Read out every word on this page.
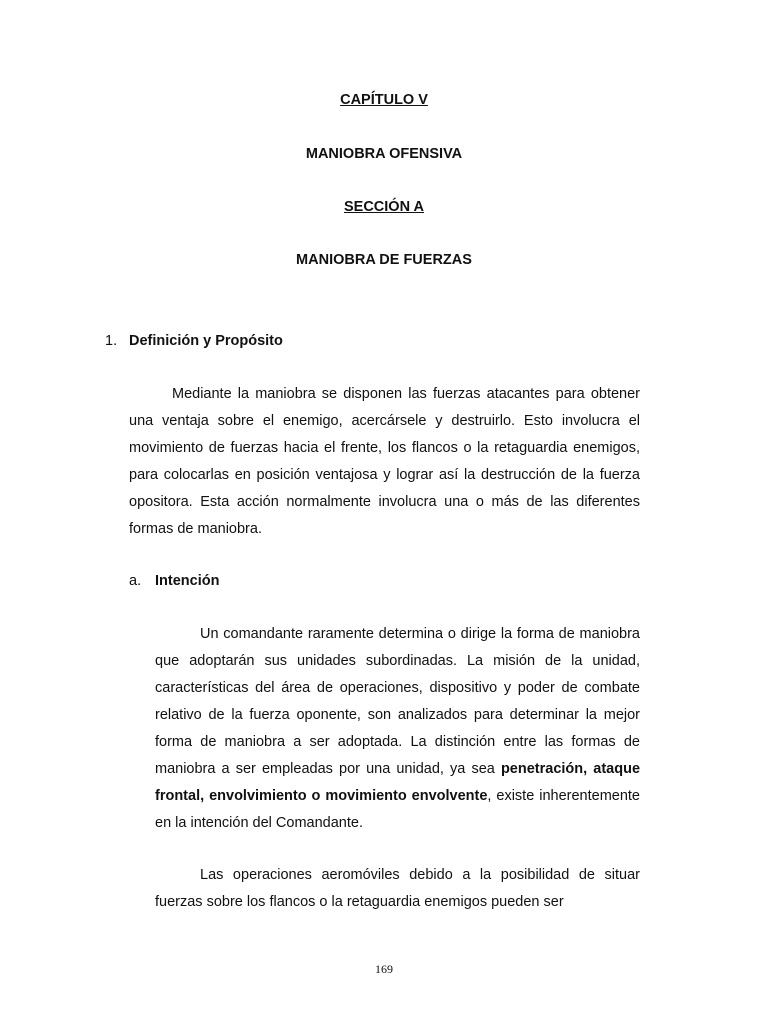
CAPÍTULO V
MANIOBRA OFENSIVA
SECCIÓN A
MANIOBRA DE FUERZAS
1. Definición y Propósito

Mediante la maniobra se disponen las fuerzas atacantes para obtener una ventaja sobre el enemigo, acercársele y destruirlo. Esto involucra el movimiento de fuerzas hacia el frente, los flancos o la retaguardia enemigos, para colocarlas en posición ventajosa y lograr así la destrucción de la fuerza opositora. Esta acción normalmente involucra una o más de las diferentes formas de maniobra.

a. Intención

Un comandante raramente determina o dirige la forma de maniobra que adoptarán sus unidades subordinadas. La misión de la unidad, características del área de operaciones, dispositivo y poder de combate relativo de la fuerza oponente, son analizados para determinar la mejor forma de maniobra a ser adoptada. La distinción entre las formas de maniobra a ser empleadas por una unidad, ya sea penetración, ataque frontal, envolvimiento o movimiento envolvente, existe inherentemente en la intención del Comandante.

Las operaciones aeromóviles debido a la posibilidad de situar fuerzas sobre los flancos o la retaguardia enemigos pueden ser

169
